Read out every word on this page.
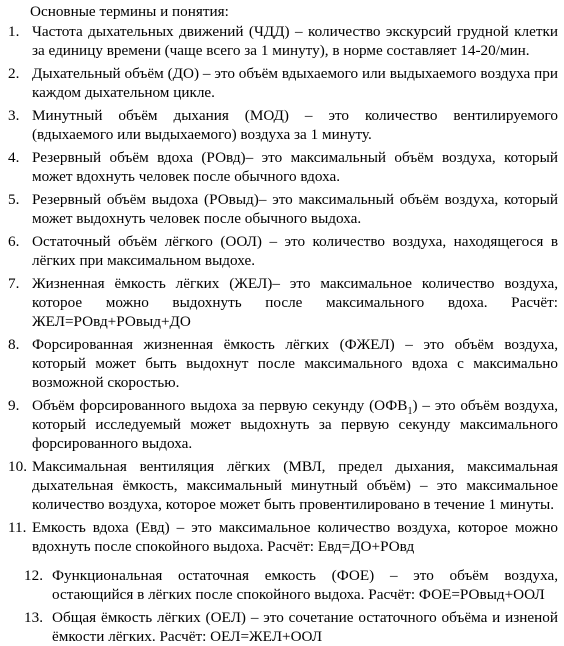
Основные термины и понятия:

1. Частота дыхательных движений (ЧДД) – количество экскурсий грудной клетки за единицу времени (чаще всего за 1 минуту), в норме составляет 14-20/мин.
2. Дыхательный объём (ДО) – это объём вдыхаемого или выдыхаемого воздуха при каждом дыхательном цикле.
3. Минутный объём дыхания (МОД) – это количество вентилируемого (вдыхаемого или выдыхаемого) воздуха за 1 минуту.
4. Резервный объём вдоха (РОвд)– это максимальный объём воздуха, который может вдохнуть человек после обычного вдоха.
5. Резервный объём выдоха (РОвыд)– это максимальный объём воздуха, который может выдохнуть человек после обычного выдоха.
6. Остаточный объём лёгкого (ООЛ) – это количество воздуха, находящегося в лёгких при максимальном выдохе.
7. Жизненная ёмкость лёгких (ЖЕЛ)– это максимальное количество воздуха, которое можно выдохнуть после максимального вдоха. Расчёт: ЖЕЛ=РОвд+РОвыд+ДО
8. Форсированная жизненная ёмкость лёгких (ФЖЕЛ) – это объём воздуха, который может быть выдохнут после максимального вдоха с максимально возможной скоростью.
9. Объём форсированного выдоха за первую секунду $(ОФВ_1)$ – это объём воздуха, который исследуемый может выдохнуть за первую секунду максимального форсированного выдоха.
10. Максимальная вентиляция лёгких (МВЛ, предел дыхания, максимальная дыхательная ёмкость, максимальный минутный объём) – это максимальное количество воздуха, которое может быть провентилировано в течение 1 минуты.
11. Емкость вдоха (Евд) – это максимальное количество воздуха, которое можно вдохнуть после спокойного выдоха. Расчёт: Евд=ДО+РОвд
12. Функциональная остаточная емкость (ФОЕ) – это объём воздуха, остающийся в лёгких после спокойного выдоха. Расчёт: ФОЕ=РОвыд+ООЛ
13. Общая ёмкость лёгких (ОЕЛ) – это сочетание остаточного объёма и изненой ёмкости лёгких. Расчёт: ОЕЛ=ЖЕЛ+ООЛ
